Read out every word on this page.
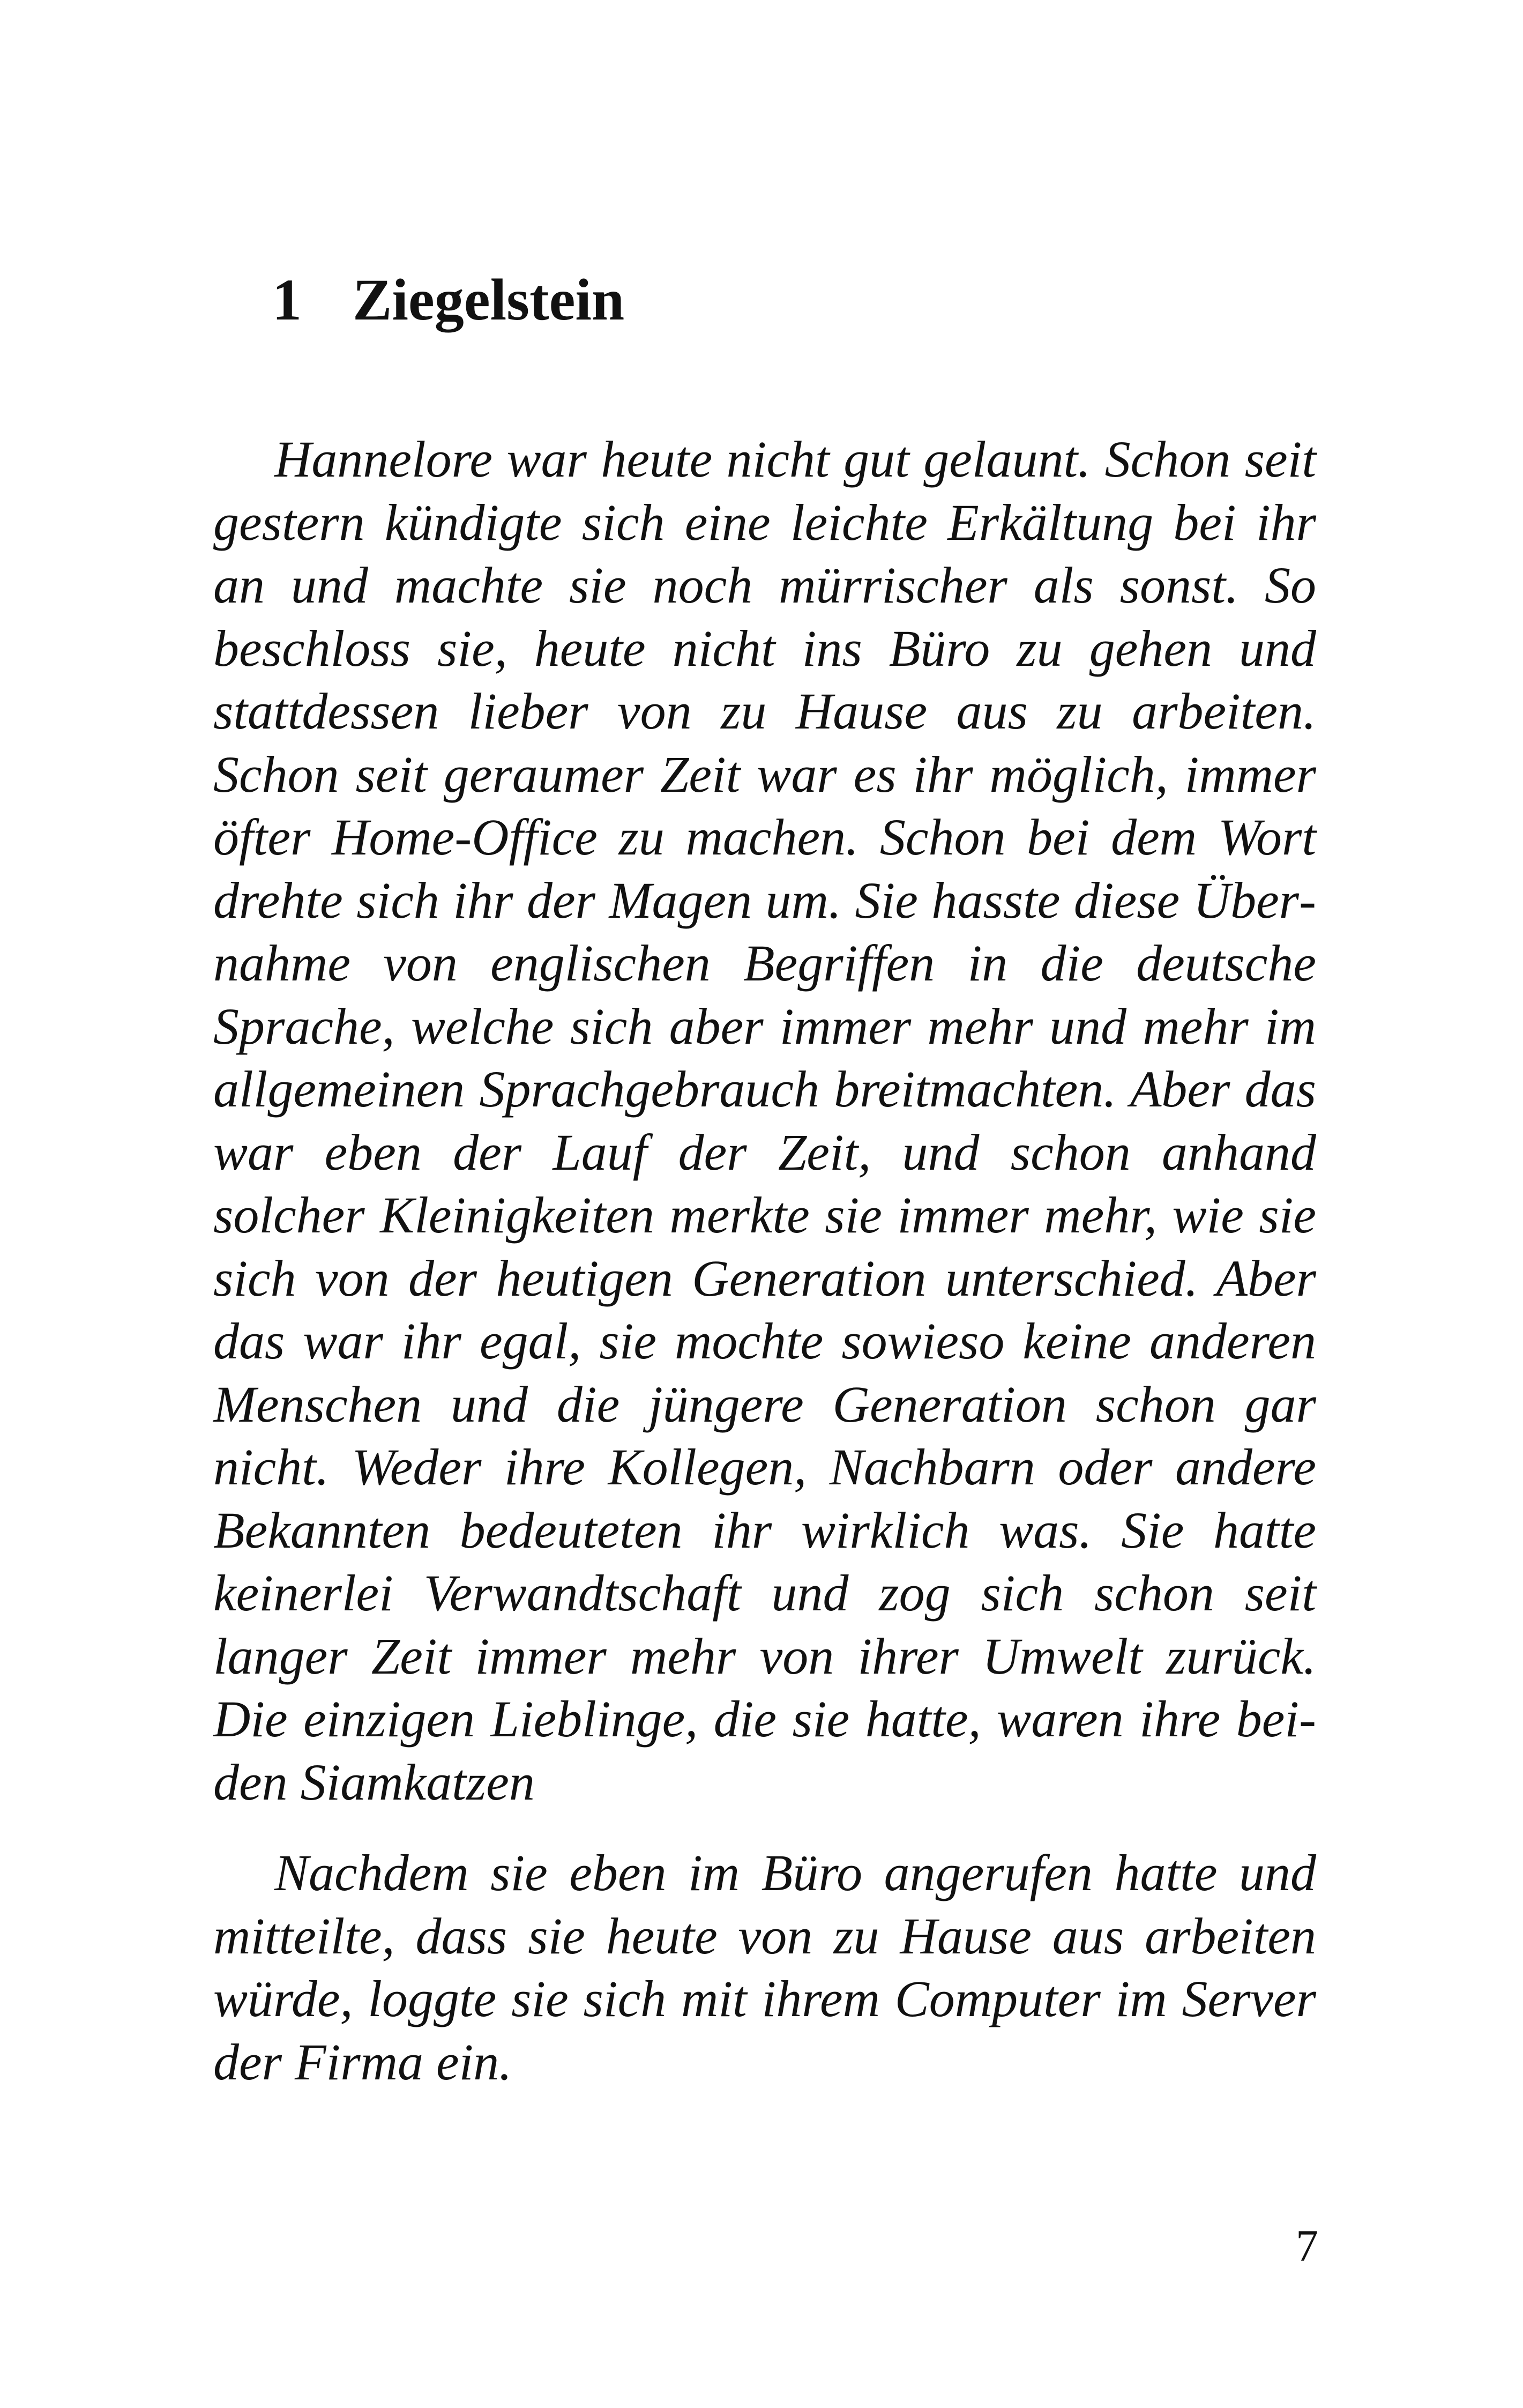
1 Ziegelstein

Hannelore war heute nicht gut gelaunt. Schon seit gestern kündigte sich eine leichte Erkältung bei ihr an und machte sie noch mürrischer als sonst. So beschloss sie, heute nicht ins Büro zu gehen und stattdessen lieber von zu Hause aus zu arbeiten. Schon seit geraumer Zeit war es ihr möglich, immer öfter Home-Office zu machen. Schon bei dem Wort drehte sich ihr der Magen um. Sie hasste diese Übernahme von englischen Begriffen in die deutsche Sprache, welche sich aber immer mehr und mehr im allgemeinen Sprachgebrauch breitmachten. Aber das war eben der Lauf der Zeit, und schon anhand solcher Kleinigkeiten merkte sie immer mehr, wie sie sich von der heutigen Generation unterschied. Aber das war ihr egal, sie mochte sowieso keine anderen Menschen und die jüngere Generation schon gar nicht. Weder ihre Kollegen, Nachbarn oder andere Bekannten bedeuteten ihr wirklich was. Sie hatte keinerlei Verwandtschaft und zog sich schon seit langer Zeit immer mehr von ihrer Umwelt zurück. Die einzigen Lieblinge, die sie hatte, waren ihre beiden Siamkatzen

Nachdem sie eben im Büro angerufen hatte und mitteilte, dass sie heute von zu Hause aus arbeiten würde, loggte sie sich mit ihrem Computer im Server der Firma ein.

7
